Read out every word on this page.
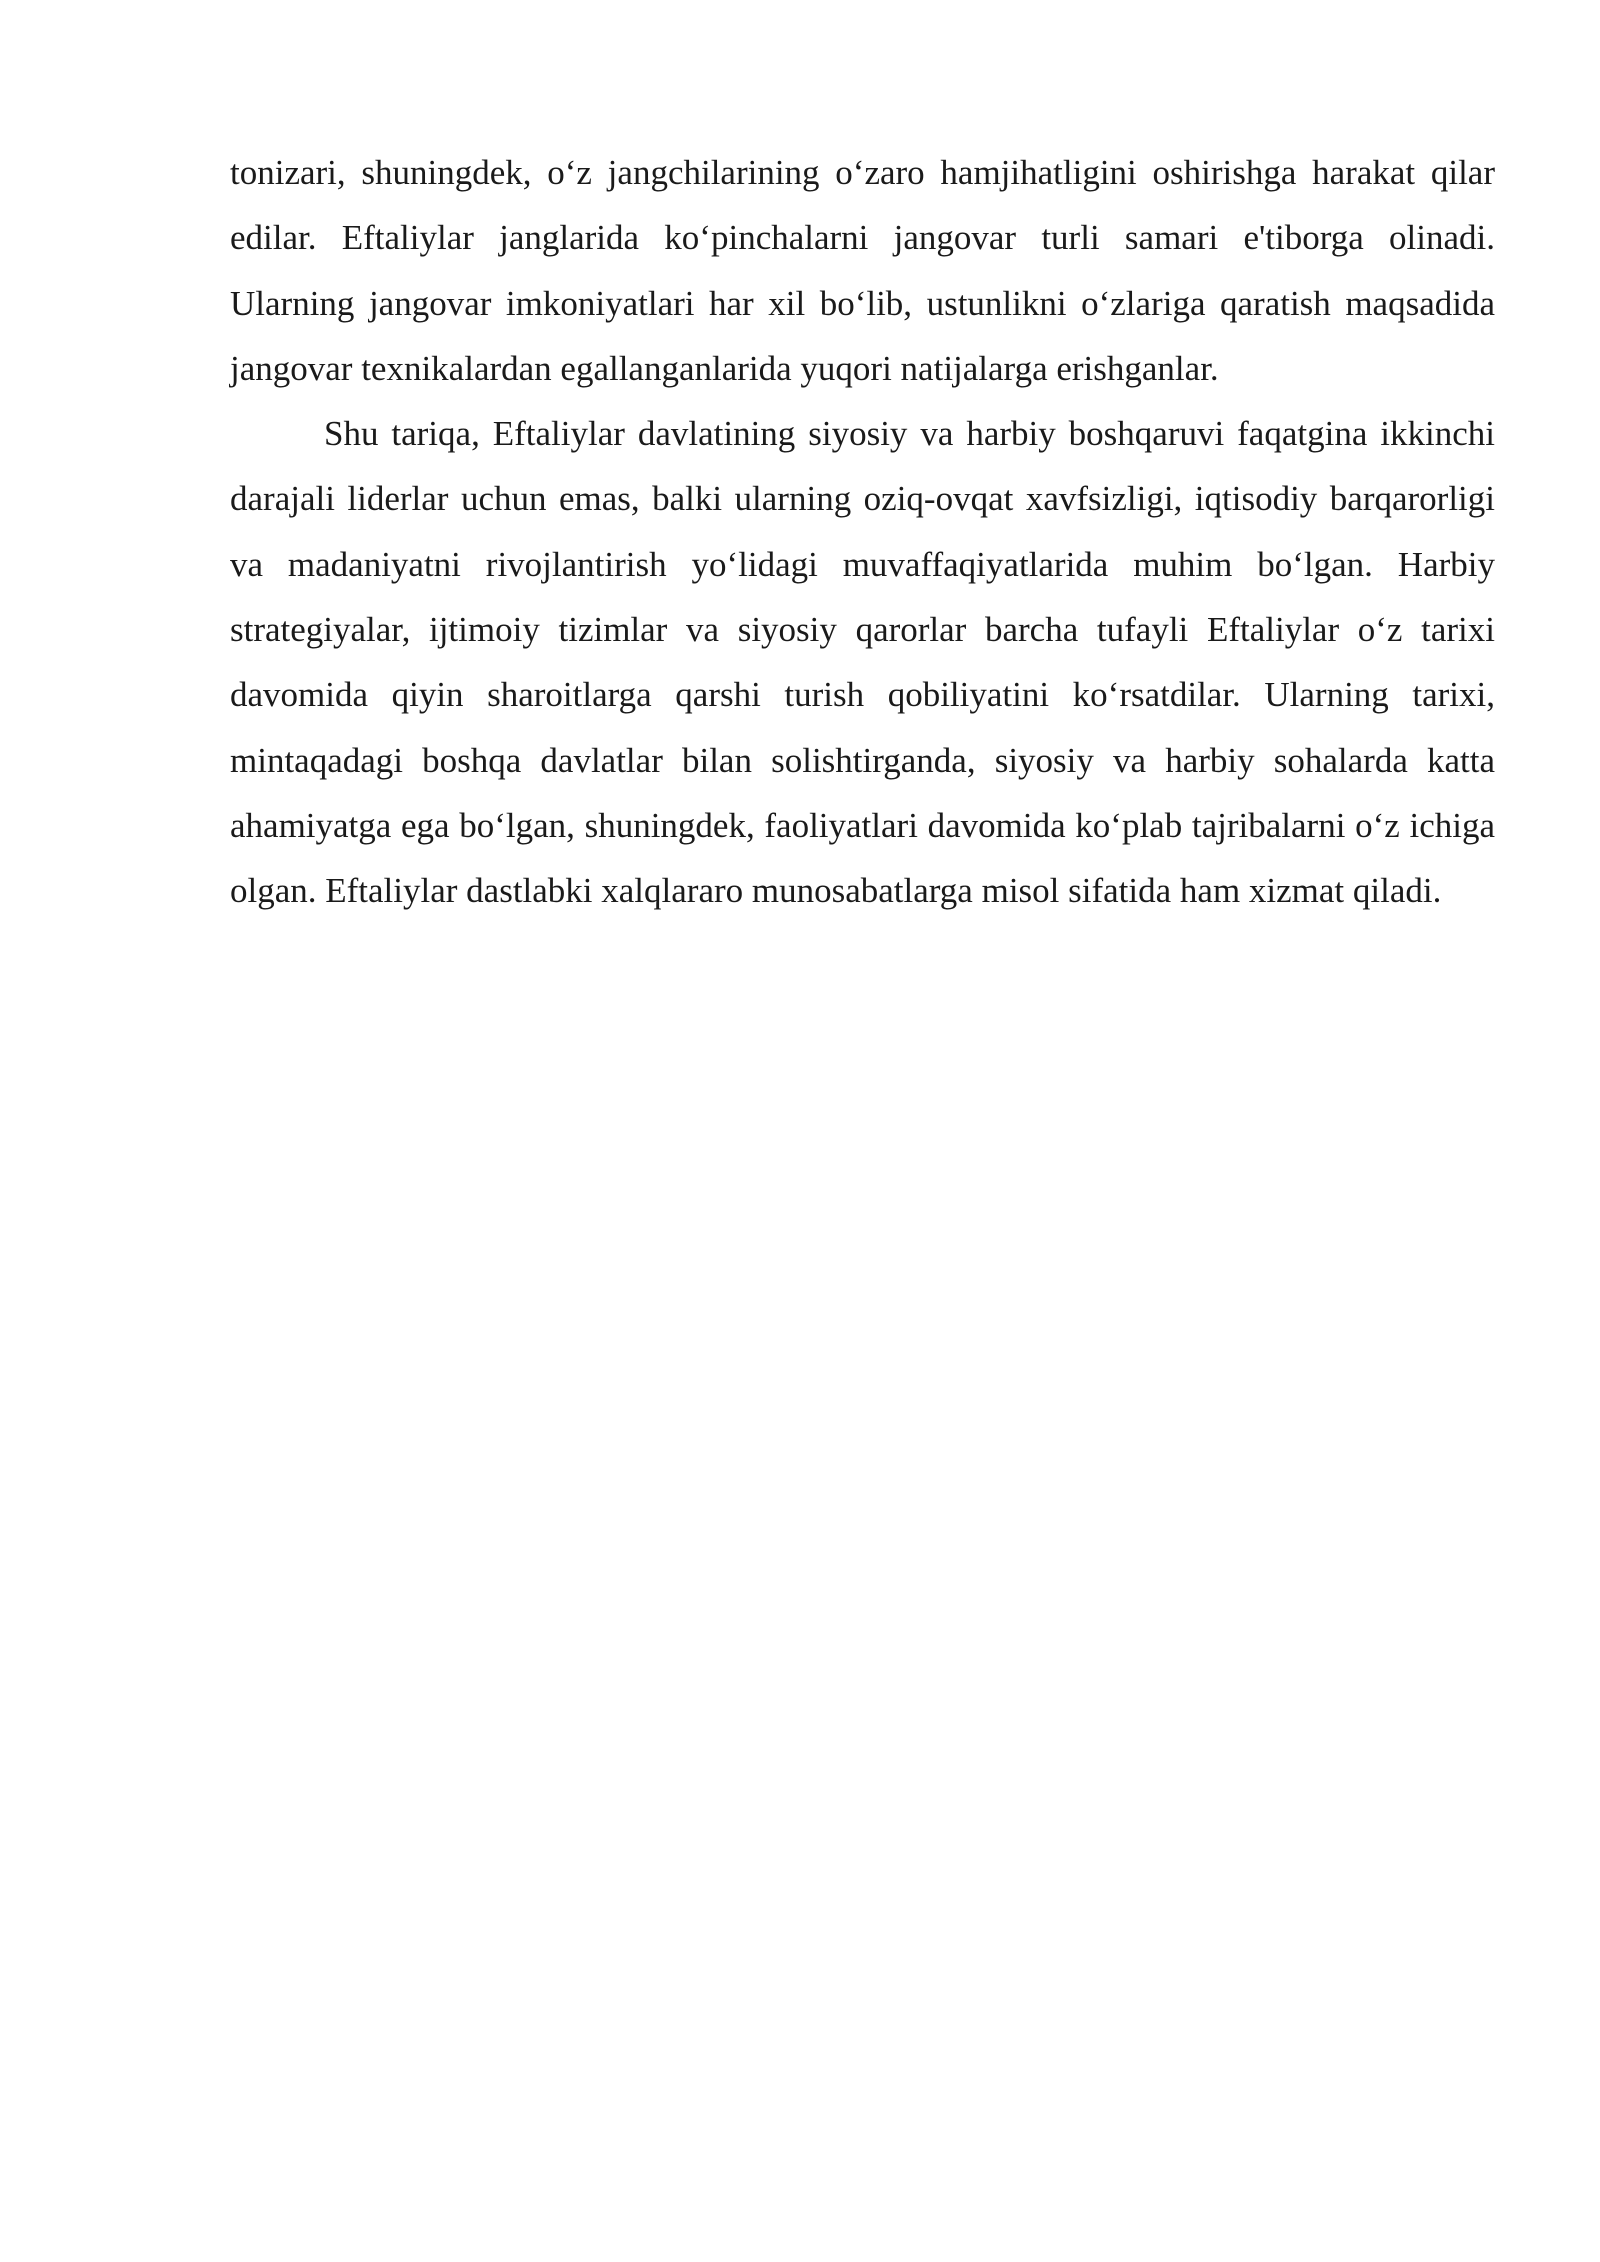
tonizari, shuningdek, o‘z jangchilarining o‘zaro hamjihatligini oshirishga harakat qilar edilar. Eftaliylar janglarida ko‘pinchalarni jangovar turli samari e'tiborga olinadi. Ularning jangovar imkoniyatlari har xil bo‘lib, ustunlikni o‘zlariga qaratish maqsadida jangovar texnikalardan egallanganlarida yuqori natijalarga erishganlar.

Shu tariqa, Eftaliylar davlatining siyosiy va harbiy boshqaruvi faqatgina ikkinchi darajali liderlar uchun emas, balki ularning oziq-ovqat xavfsizligi, iqtisodiy barqarorligi va madaniyatni rivojlantirish yo‘lidagi muvaffaqiyatlarida muhim bo‘lgan. Harbiy strategiyalar, ijtimoiy tizimlar va siyosiy qarorlar barcha tufayli Eftaliylar o‘z tarixi davomida qiyin sharoitlarga qarshi turish qobiliyatini ko‘rsatdilar. Ularning tarixi, mintaqadagi boshqa davlatlar bilan solishtirganda, siyosiy va harbiy sohalarda katta ahamiyatga ega bo‘lgan, shuningdek, faoliyatlari davomida ko‘plab tajribalarni o‘z ichiga olgan. Eftaliylar dastlabki xalqlararo munosabatlarga misol sifatida ham xizmat qiladi.
